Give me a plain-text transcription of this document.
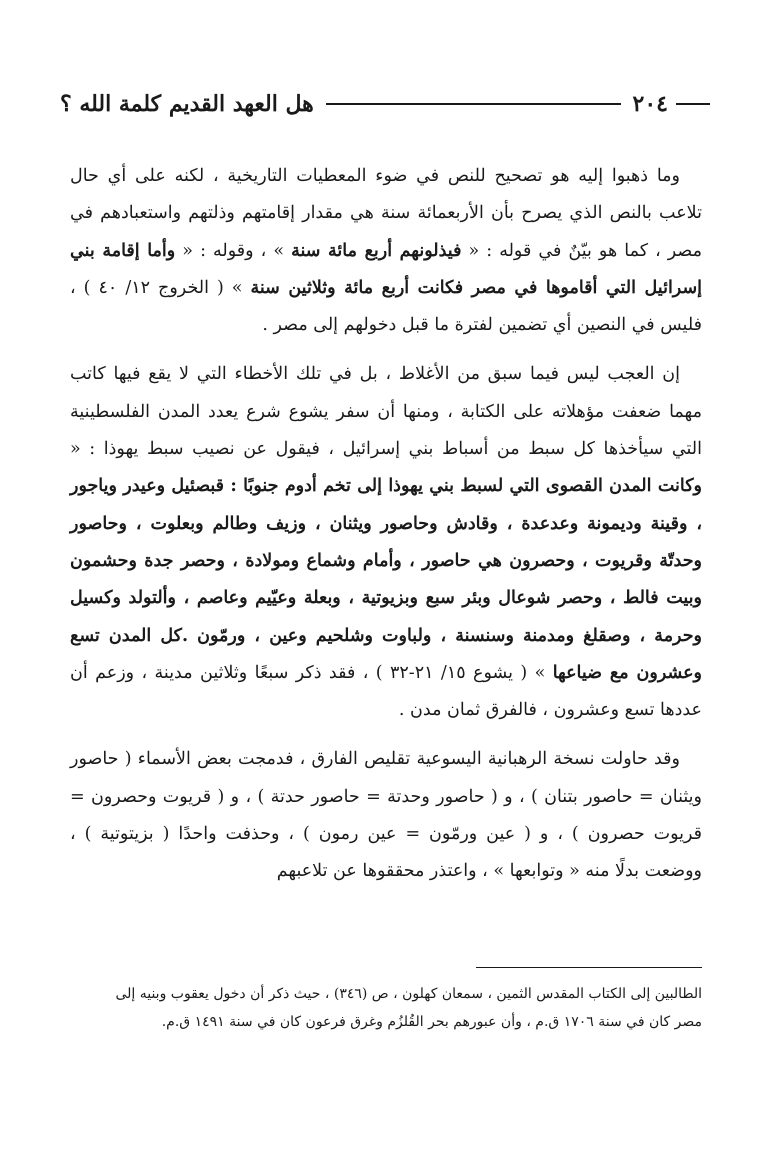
٢٠٤
هل العهد القديم كلمة الله ؟

وما ذهبوا إليه هو تصحيح للنص في ضوء المعطيات التاريخية ، لكنه على أي حال تلاعب بالنص الذي يصرح بأن الأربعمائة سنة هي مقدار إقامتهم وذلتهم واستعبادهم في مصر ، كما هو بيّنٌ في قوله : « فيذلونهم أربع مائة سنة » ، وقوله : « وأما إقامة بني إسرائيل التي أقاموها في مصر فكانت أربع مائة وثلاثين سنة » ( الخروج ١٢/ ٤٠ ) ، فليس في النصين أي تضمين لفترة ما قبل دخولهم إلى مصر .

إن العجب ليس فيما سبق من الأغلاط ، بل في تلك الأخطاء التي لا يقع فيها كاتب مهما ضعفت مؤهلاته على الكتابة ، ومنها أن سفر يشوع شرع يعدد المدن الفلسطينية التي سيأخذها كل سبط من أسباط بني إسرائيل ، فيقول عن نصيب سبط يهوذا : « وكانت المدن القصوى التي لسبط بني يهوذا إلى تخم أدوم جنوبًا : قبصئيل وعيدر وياجور ، وقينة وديمونة وعدعدة ، وقادش وحاصور ويثنان ، وزيف وطالم وبعلوت ، وحاصور وحدتّة وقريوت ، وحصرون هي حاصور ، وأمام وشماع ومولادة ، وحصر جدة وحشمون وبيت فالط ، وحصر شوعال وبئر سبع وبزيوتية ، وبعلة وعيّيم وعاصم ، وألتولد وكسيل وحرمة ، وصقلغ ومدمنة وسنسنة ، ولباوت وشلحيم وعين ، ورمّون .كل المدن تسع وعشرون مع ضياعها » ( يشوع ١٥/ ٢١-٣٢ ) ، فقد ذكر سبعًا وثلاثين مدينة ، وزعم أن عددها تسع وعشرون ، فالفرق ثمان مدن .

وقد حاولت نسخة الرهبانية اليسوعية تقليص الفارق ، فدمجت بعض الأسماء ( حاصور ويثنان = حاصور بتنان ) ، و ( حاصور وحدتة = حاصور حدتة ) ، و ( قريوت وحصرون = قريوت حصرون ) ، و ( عين ورمّون = عين رمون ) ، وحذفت واحدًا ( بزيتوتية ) ، ووضعت بدلًا منه « وتوابعها » ، واعتذر محققوها عن تلاعبهم

الطالبين إلى الكتاب المقدس الثمين ، سمعان كهلون ، ص (٣٤٦) ، حيث ذكر أن دخول يعقوب وبنيه إلى

مصر كان في سنة ١٧٠٦ ق.م ، وأن عبورهم بحر القُلزُم وغرق فرعون كان في سنة ١٤٩١ ق.م.
